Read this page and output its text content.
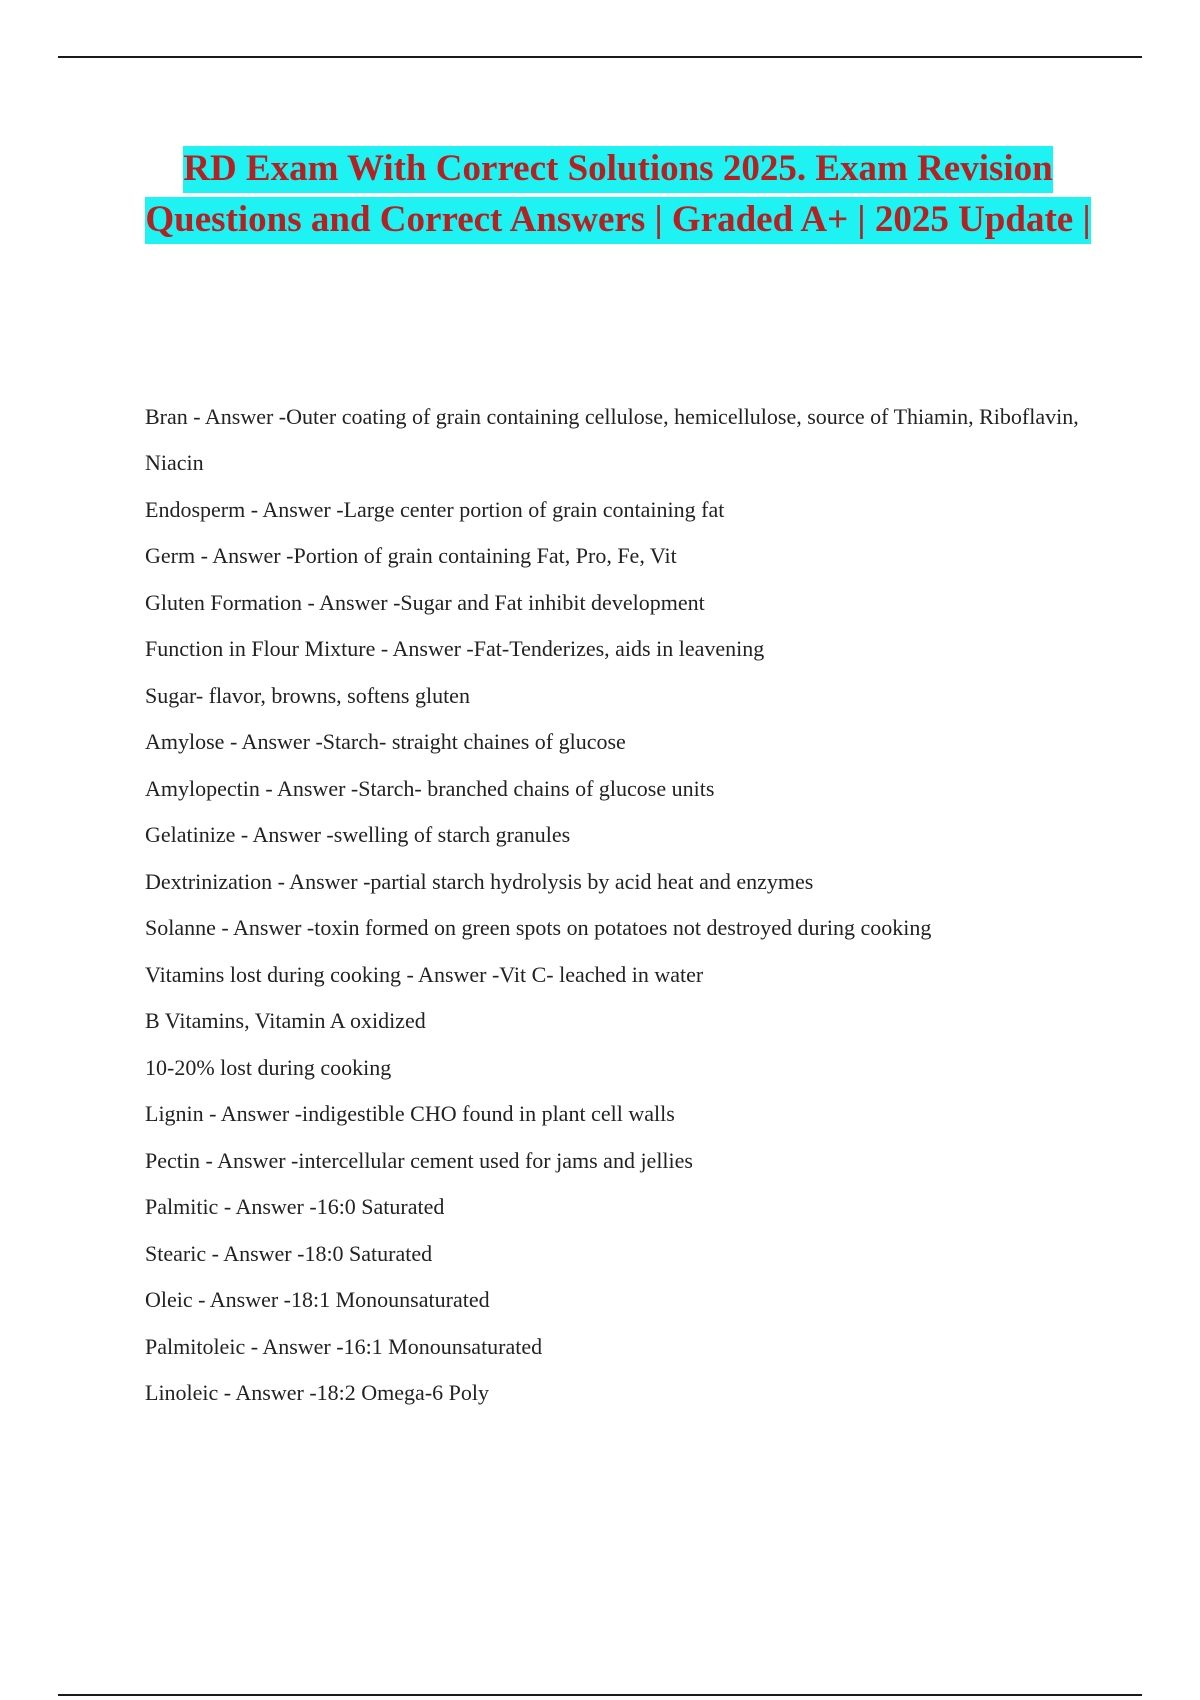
RD Exam With Correct Solutions 2025. Exam Revision Questions and Correct Answers | Graded A+ | 2025 Update |

Bran - Answer -Outer coating of grain containing cellulose, hemicellulose, source of Thiamin, Riboflavin,

Niacin

Endosperm - Answer -Large center portion of grain containing fat

Germ - Answer -Portion of grain containing Fat, Pro, Fe, Vit

Gluten Formation - Answer -Sugar and Fat inhibit development

Function in Flour Mixture - Answer -Fat-Tenderizes, aids in leavening

Sugar- flavor, browns, softens gluten

Amylose - Answer -Starch- straight chaines of glucose

Amylopectin - Answer -Starch- branched chains of glucose units

Gelatinize - Answer -swelling of starch granules

Dextrinization - Answer -partial starch hydrolysis by acid heat and enzymes

Solanne - Answer -toxin formed on green spots on potatoes not destroyed during cooking

Vitamins lost during cooking - Answer -Vit C- leached in water

B Vitamins, Vitamin A oxidized

10-20% lost during cooking

Lignin - Answer -indigestible CHO found in plant cell walls

Pectin - Answer -intercellular cement used for jams and jellies

Palmitic - Answer -16:0 Saturated

Stearic - Answer -18:0 Saturated

Oleic - Answer -18:1 Monounsaturated

Palmitoleic - Answer -16:1 Monounsaturated

Linoleic - Answer -18:2 Omega-6 Poly
